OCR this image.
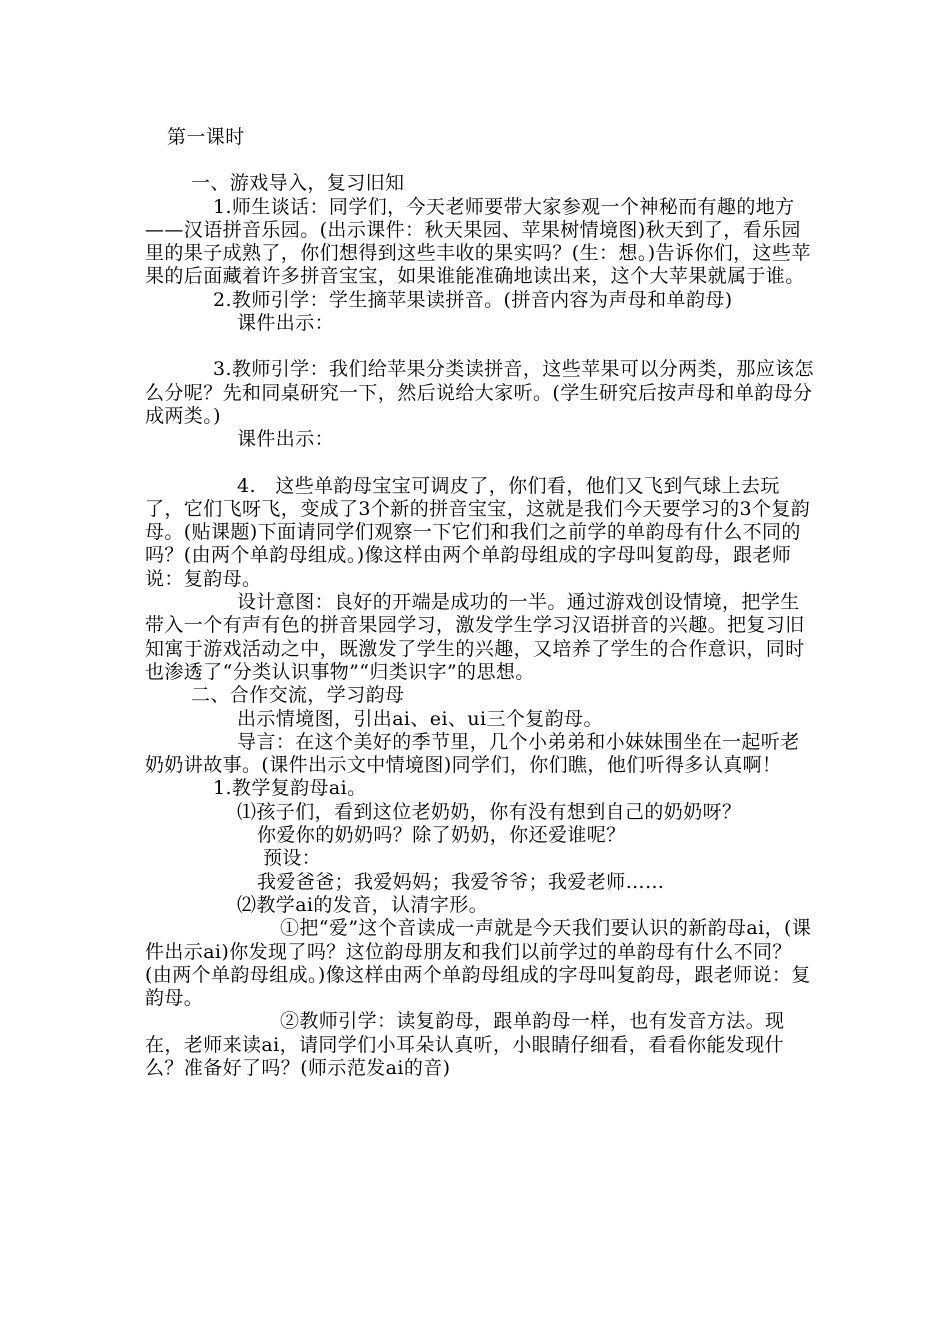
第一课时

一、游戏导入，复习旧知

1.师生谈话：同学们，今天老师要带大家参观一个神秘而有趣的地方——汉语拼音乐园。(出示课件：秋天果园、苹果树情境图)秋天到了，看乐园里的果子成熟了，你们想得到这些丰收的果实吗？(生：想。)告诉你们，这些苹果的后面藏着许多拼音宝宝，如果谁能准确地读出来，这个大苹果就属于谁。

2.教师引学：学生摘苹果读拼音。(拼音内容为声母和单韵母)

课件出示：

3.教师引学：我们给苹果分类读拼音，这些苹果可以分两类，那应该怎么分呢？先和同桌研究一下，然后说给大家听。(学生研究后按声母和单韵母分成两类。)

课件出示：

4.　这些单韵母宝宝可调皮了，你们看，他们又飞到气球上去玩了，它们飞呀飞，变成了3个新的拼音宝宝，这就是我们今天要学习的3个复韵母。(贴课题)下面请同学们观察一下它们和我们之前学的单韵母有什么不同的吗？(由两个单韵母组成。)像这样由两个单韵母组成的字母叫复韵母，跟老师说：复韵母。

设计意图：良好的开端是成功的一半。通过游戏创设情境，把学生带入一个有声有色的拼音果园学习，激发学生学习汉语拼音的兴趣。把复习旧知寓于游戏活动之中，既激发了学生的兴趣，又培养了学生的合作意识，同时也渗透了“分类认识事物”“归类识字”的思想。

二、合作交流，学习韵母

出示情境图，引出ai、ei、ui三个复韵母。

导言：在这个美好的季节里，几个小弟弟和小妹妹围坐在一起听老奶奶讲故事。(课件出示文中情境图)同学们，你们瞧，他们听得多认真啊！

1.教学复韵母ai。

⑴孩子们，看到这位老奶奶，你有没有想到自己的奶奶呀？

你爱你的奶奶吗？除了奶奶，你还爱谁呢？

预设：

我爱爸爸；我爱妈妈；我爱爷爷；我爱老师……

⑵教学ai的发音，认清字形。

①把“爱”这个音读成一声就是今天我们要认识的新韵母ai，(课件出示ai)你发现了吗？这位韵母朋友和我们以前学过的单韵母有什么不同？(由两个单韵母组成。)像这样由两个单韵母组成的字母叫复韵母，跟老师说：复韵母。

②教师引学：读复韵母，跟单韵母一样，也有发音方法。现在，老师来读ai，请同学们小耳朵认真听，小眼睛仔细看，看看你能发现什么？准备好了吗？(师示范发ai的音)
